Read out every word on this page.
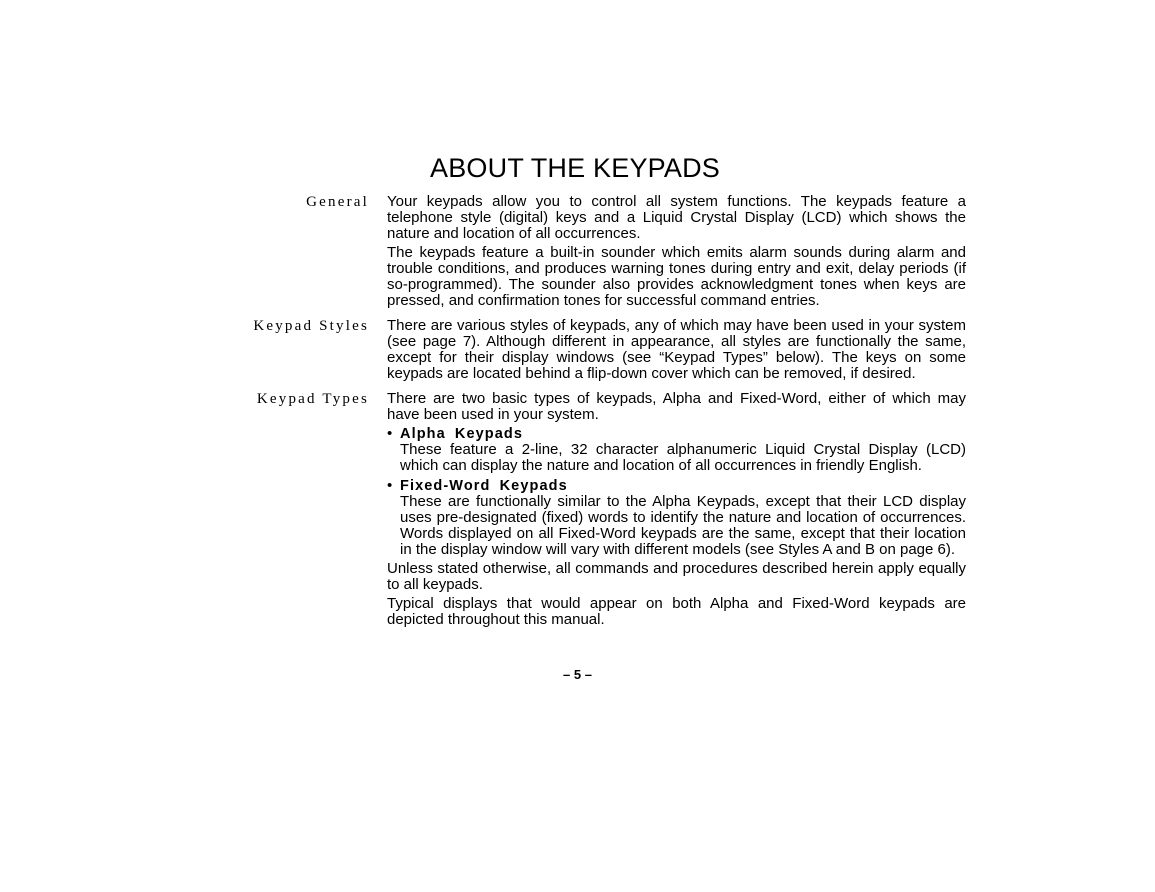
ABOUT THE KEYPADS
General Your keypads allow you to control all system functions. The keypads feature a telephone style (digital) keys and a Liquid Crystal Display (LCD) which shows the nature and location of all occurrences.

The keypads feature a built-in sounder which emits alarm sounds during alarm and trouble conditions, and produces warning tones during entry and exit, delay periods (if so-programmed). The sounder also provides acknowledgment tones when keys are pressed, and confirmation tones for successful command entries.

Keypad Styles There are various styles of keypads, any of which may have been used in your system (see page 7). Although different in appearance, all styles are functionally the same, except for their display windows (see “Keypad Types” below). The keys on some keypads are located behind a flip-down cover which can be removed, if desired.

Keypad Types There are two basic types of keypads, Alpha and Fixed-Word, either of which may have been used in your system.

• Alpha Keypads

These feature a 2-line, 32 character alphanumeric Liquid Crystal Display (LCD) which can display the nature and location of all occurrences in friendly English.

• Fixed-Word Keypads

These are functionally similar to the Alpha Keypads, except that their LCD display uses pre-designated (fixed) words to identify the nature and location of occurrences. Words displayed on all Fixed-Word keypads are the same, except that their location in the display window will vary with different models (see Styles A and B on page 6).

Unless stated otherwise, all commands and procedures described herein apply equally to all keypads.

Typical displays that would appear on both Alpha and Fixed-Word keypads are depicted throughout this manual.

– 5 –
